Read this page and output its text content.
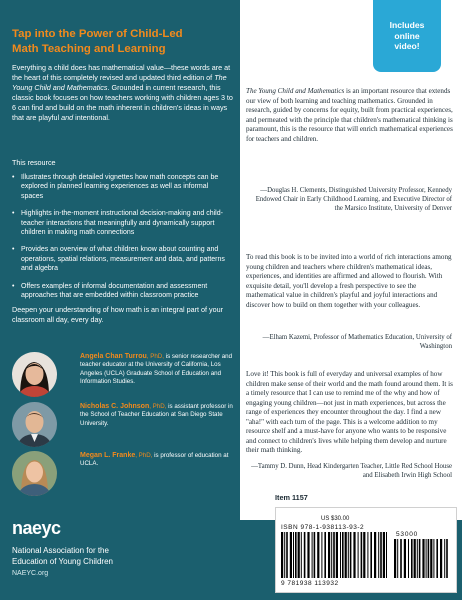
Tap into the Power of Child-Led
Math Teaching and Learning

Everything a child does has mathematical value—these words are at the heart of this completely revised and updated third edition of The Young Child and Mathematics. Grounded in current research, this classic book focuses on how teachers working with children ages 3 to 6 can find and build on the math inherent in children's ideas in ways that are playful and intentional.

This resource

• Illustrates through detailed vignettes how math concepts can be explored in planned learning experiences as well as informal spaces
• Highlights in-the-moment instructional decision-making and child-teacher interactions that meaningfully and dynamically support children in making math connections
• Provides an overview of what children know about counting and operations, spatial relations, measurement and data, and patterns and algebra
• Offers examples of informal documentation and assessment approaches that are embedded within classroom practice

Deepen your understanding of how math is an integral part of your classroom all day, every day.

Angela Chan Turrou, PhD, is senior researcher and teacher educator at the University of California, Los Angeles (UCLA) Graduate School of Education and Information Studies.

Nicholas C. Johnson, PhD, is assistant professor in the School of Teacher Education at San Diego State University.

Megan L. Franke, PhD, is professor of education at UCLA.

naeyc

National Association for the
Education of Young Children

NAEYC.org

Includes
online
video!

The Young Child and Mathematics is an important resource that extends our view of both learning and teaching mathematics. Grounded in research, guided by concerns for equity, built from practical experiences, and permeated with the principle that children's mathematical thinking is paramount, this is the resource that will enrich mathematical experiences for teachers and children.

—Douglas H. Clements, Distinguished University Professor, Kennedy Endowed Chair in Early Childhood Learning, and Executive Director of the Marsico Institute, University of Denver

To read this book is to be invited into a world of rich interactions among young children and teachers where children's mathematical ideas, experiences, and identities are affirmed and allowed to flourish. With exquisite detail, you'll develop a fresh perspective to see the mathematical value in children's playful and joyful interactions and discover how to build on them together with your colleagues.

—Elham Kazemi, Professor of Mathematics Education, University of Washington

Love it! This book is full of everyday and universal examples of how children make sense of their world and the math found around them. It is a timely resource that I can use to remind me of the why and how of engaging young children—not just in math experiences, but across the range of experiences they encounter throughout the day. I find a new "aha!" with each turn of the page. This is a welcome addition to my resource shelf and a must-have for anyone who wants to be responsive and connect to children's lives while helping them develop and nurture their math thinking.

—Tammy D. Dunn, Head Kindergarten Teacher, Little Red School House and Elisabeth Irwin High School

Item 1157
US $30.00
ISBN 978-1-938113-93-2
53000
9 781938 113932
